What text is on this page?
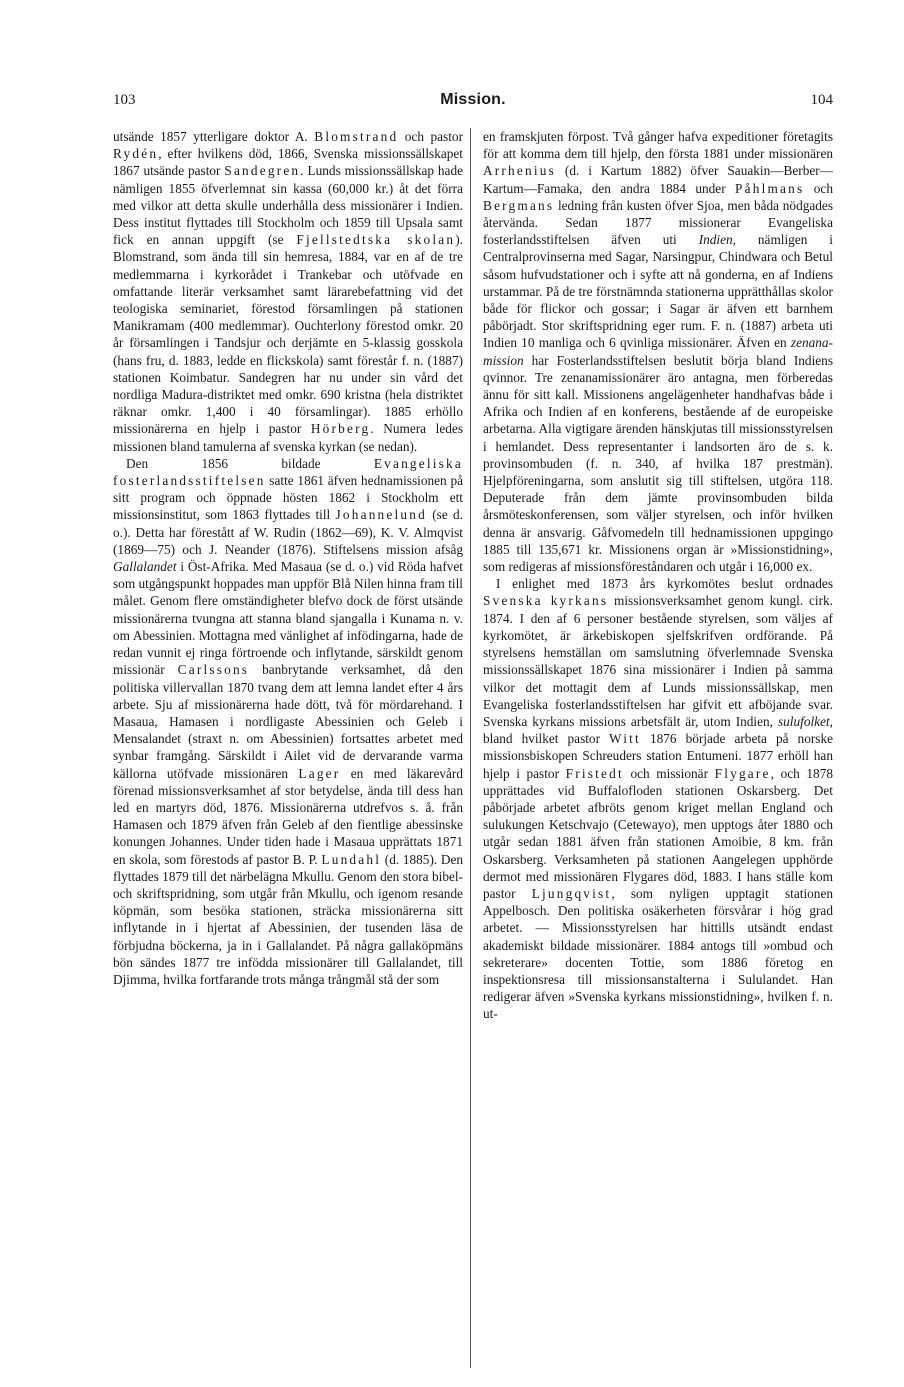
103	Mission.	104

utsände 1857 ytterligare doktor A. Blomstrand och pastor Rydén, efter hvilkens död, 1866, Svenska missionssällskapet 1867 utsände pastor Sandegren. Lunds missionssällskap hade nämligen 1855 öfverlemnat sin kassa (60,000 kr.) åt det förra med vilkor att detta skulle underhålla dess missionärer i Indien. Dess institut flyttades till Stockholm och 1859 till Upsala samt fick en annan uppgift (se Fjellstedtska skolan). Blomstrand, som ända till sin hemresa, 1884, var en af de tre medlemmarna i kyrkorådet i Trankebar och utöfvade en omfattande literär verksamhet samt lärarebefattning vid det teologiska seminariet, förestod församlingen på stationen Manikramam (400 medlemmar). Ouchterlony förestod omkr. 20 år församlingen i Tandsjur och derjämte en 5-klassig gosskola (hans fru, d. 1883, ledde en flickskola) samt förestår f. n. (1887) stationen Koimbatur. Sandegren har nu under sin vård det nordliga Madura-distriktet med omkr. 690 kristna (hela distriktet räknar omkr. 1,400 i 40 församlingar). 1885 erhöllo missionärerna en hjelp i pastor Hörberg. Numera ledes missionen bland tamulerna af svenska kyrkan (se nedan).

Den 1856 bildade Evangeliska fosterlandsstiftelsen satte 1861 äfven hednamissionen på sitt program och öppnade hösten 1862 i Stockholm ett missionsinstitut, som 1863 flyttades till Johannelund (se d. o.). Detta har förestått af W. Rudin (1862—69), K. V. Almqvist (1869—75) och J. Neander (1876). Stiftelsens mission afsåg Gallalandet i Öst-Afrika. Med Masaua (se d. o.) vid Röda hafvet som utgångspunkt hoppades man uppför Blå Nilen hinna fram till målet. Genom flere omständigheter blefvo dock de först utsände missionärerna tvungna att stanna bland sjangalla i Kunama n. v. om Abessinien. Mottagna med vänlighet af infödingarna, hade de redan vunnit ej ringa förtroende och inflytande, särskildt genom missionär Carlssons banbrytande verksamhet, då den politiska villervallan 1870 tvang dem att lemna landet efter 4 års arbete. Sju af missionärerna hade dött, två för mördarehand. I Masaua, Hamasen i nordligaste Abessinien och Geleb i Mensalandet (straxt n. om Abessinien) fortsattes arbetet med synbar framgång. Särskildt i Ailet vid de dervarande varma källorna utöfvade missionären Lager en med läkarevård förenad missionsverksamhet af stor betydelse, ända till dess han led en martyrs död, 1876. Missionärerna utdrefvos s. å. från Hamasen och 1879 äfven från Geleb af den fientlige abessinske konungen Johannes. Under tiden hade i Masaua upprättats 1871 en skola, som förestods af pastor B. P. Lundahl (d. 1885). Den flyttades 1879 till det närbelägna Mkullu. Genom den stora bibel- och skriftspridning, som utgår från Mkullu, och igenom resande köpmän, som besöka stationen, sträcka missionärerna sitt inflytande in i hjertat af Abessinien, der tusenden läsa de förbjudna böckerna, ja in i Gallalandet. På några gallaköpmäns bön sändes 1877 tre infödda missionärer till Gallalandet, till Djimma, hvilka fortfarande trots många trångmål stå der som

en framskjuten förpost. Två gånger hafva expeditioner företagits för att komma dem till hjelp, den första 1881 under missionären Arrhenius (d. i Kartum 1882) öfver Sauakin—Berber—Kartum—Famaka, den andra 1884 under Påhlmans och Bergmans ledning från kusten öfver Sjoa, men båda nödgades återvända. Sedan 1877 missionerar Evangeliska fosterlandsstiftelsen äfven uti Indien, nämligen i Centralprovinserna med Sagar, Narsingpur, Chindwara och Betul såsom hufvudstationer och i syfte att nå gonderna, en af Indiens urstammar. På de tre förstnämnda stationerna upprätthållas skolor både för flickor och gossar; i Sagar är äfven ett barnhem påbörjadt. Stor skriftspridning eger rum. F. n. (1887) arbeta uti Indien 10 manliga och 6 qvinliga missionärer. Äfven en zenana-mission har Fosterlandsstiftelsen beslutit börja bland Indiens qvinnor. Tre zenanamissionärer äro antagna, men förberedas ännu för sitt kall. Missionens angelägenheter handhafvas både i Afrika och Indien af en konferens, bestående af de europeiske arbetarna. Alla vigtigare ärenden hänskjutas till missionsstyrelsen i hemlandet. Dess representanter i landsorten äro de s. k. provinsombuden (f. n. 340, af hvilka 187 prestmän). Hjelpföreningarna, som anslutit sig till stiftelsen, utgöra 118. Deputerade från dem jämte provinsombuden bilda årsmöteskonferensen, som väljer styrelsen, och inför hvilken denna är ansvarig. Gåfvomedeln till hednamissionen uppgingo 1885 till 135,671 kr. Missionens organ är »Missionstidning», som redigeras af missionsföreståndaren och utgår i 16,000 ex.

I enlighet med 1873 års kyrkomötes beslut ordnades Svenska kyrkans missionsverksamhet genom kungl. cirk. 1874. I den af 6 personer bestående styrelsen, som väljes af kyrkomötet, är ärkebiskopen sjelfskrifven ordförande. På styrelsens hemställan om samslutning öfverlemnade Svenska missionssällskapet 1876 sina missionärer i Indien på samma vilkor det mottagit dem af Lunds missionssällskap, men Evangeliska fosterlandsstiftelsen har gifvit ett afböjande svar. Svenska kyrkans missions arbetsfält är, utom Indien, sulufolket, bland hvilket pastor Witt 1876 började arbeta på norske missionsbiskopen Schreuders station Entumeni. 1877 erhöll han hjelp i pastor Fristedt och missionär Flygare, och 1878 upprättades vid Buffalofloden stationen Oskarsberg. Det påbörjade arbetet afbröts genom kriget mellan England och sulukungen Ketschvajo (Cetewayo), men upptogs åter 1880 och utgår sedan 1881 äfven från stationen Amoibie, 8 km. från Oskarsberg. Verksamheten på stationen Aangelegen upphörde dermot med missionären Flygares död, 1883. I hans ställe kom pastor Ljungqvist, som nyligen upptagit stationen Appelbosch. Den politiska osäkerheten försvårar i hög grad arbetet. — Missionsstyrelsen har hittills utsändt endast akademiskt bildade missionärer. 1884 antogs till »ombud och sekreterare» docenten Tottie, som 1886 företog en inspektionsresa till missionsanstalterna i Sululandet. Han redigerar äfven »Svenska kyrkans missionstidning», hvilken f. n. ut-
